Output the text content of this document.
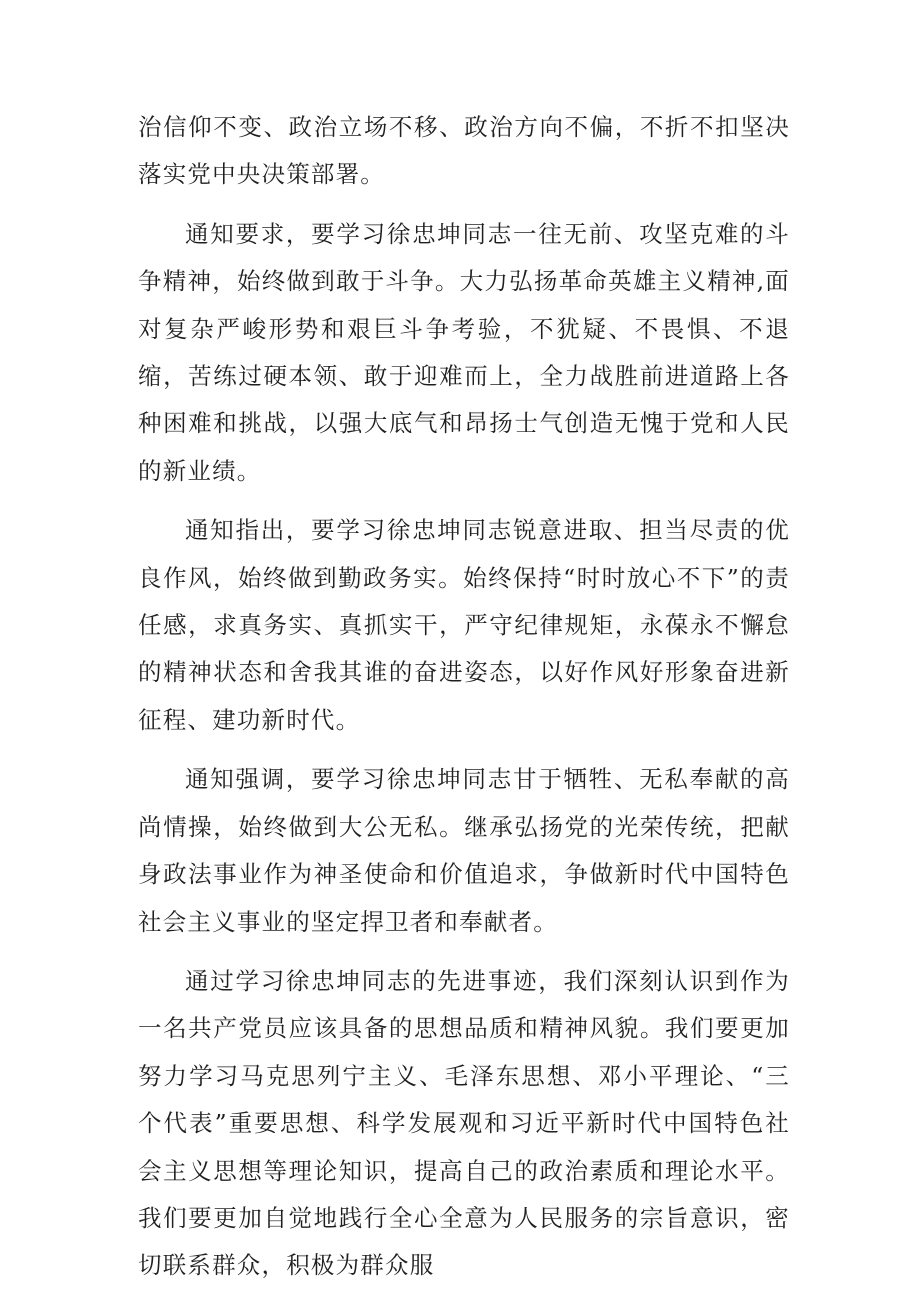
治信仰不变、政治立场不移、政治方向不偏，不折不扣坚决落实党中央决策部署。

通知要求，要学习徐忠坤同志一往无前、攻坚克难的斗争精神，始终做到敢于斗争。大力弘扬革命英雄主义精神,面对复杂严峻形势和艰巨斗争考验，不犹疑、不畏惧、不退缩，苦练过硬本领、敢于迎难而上，全力战胜前进道路上各种困难和挑战，以强大底气和昂扬士气创造无愧于党和人民的新业绩。

通知指出，要学习徐忠坤同志锐意进取、担当尽责的优良作风，始终做到勤政务实。始终保持“时时放心不下”的责任感，求真务实、真抓实干，严守纪律规矩，永葆永不懈怠的精神状态和舍我其谁的奋进姿态，以好作风好形象奋进新征程、建功新时代。

通知强调，要学习徐忠坤同志甘于牺牲、无私奉献的高尚情操，始终做到大公无私。继承弘扬党的光荣传统，把献身政法事业作为神圣使命和价值追求，争做新时代中国特色社会主义事业的坚定捍卫者和奉献者。

通过学习徐忠坤同志的先进事迹，我们深刻认识到作为一名共产党员应该具备的思想品质和精神风貌。我们要更加努力学习马克思列宁主义、毛泽东思想、邓小平理论、“三个代表”重要思想、科学发展观和习近平新时代中国特色社会主义思想等理论知识，提高自己的政治素质和理论水平。我们要更加自觉地践行全心全意为人民服务的宗旨意识，密切联系群众，积极为群众服
